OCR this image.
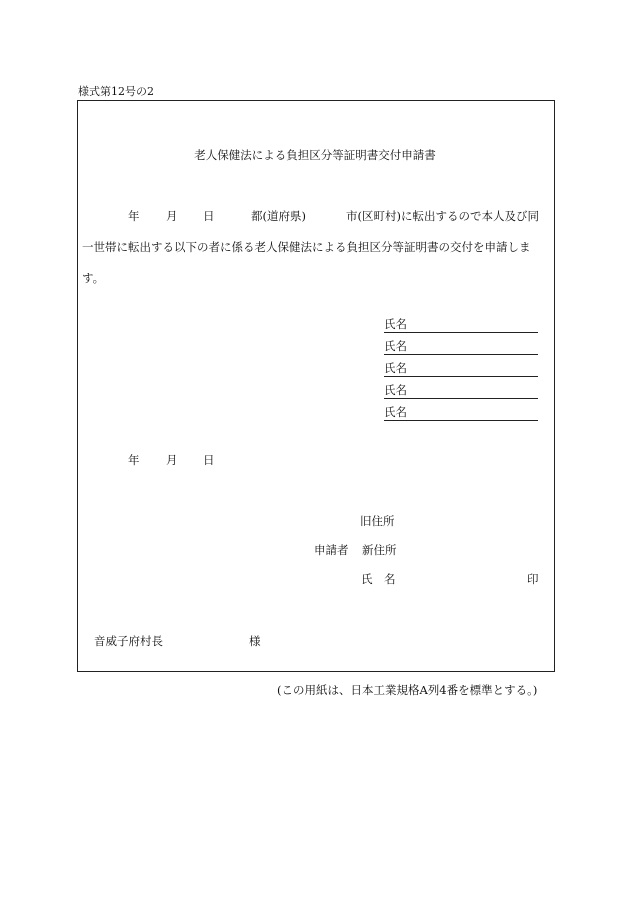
様式第12号の2
老人保健法による負担区分等証明書交付申請書
年 月 日	都(道府県)	市(区町村)に転出するので本人及び同
一世帯に転出する以下の者に係る老人保健法による負担区分等証明書の交付を申請しま
す。
氏名
氏名
氏名
氏名
氏名
年 月 日
旧住所
申請者 新住所
氏 名	印
音威子府村長	様
(この用紙は、日本工業規格A列4番を標準とする。)
